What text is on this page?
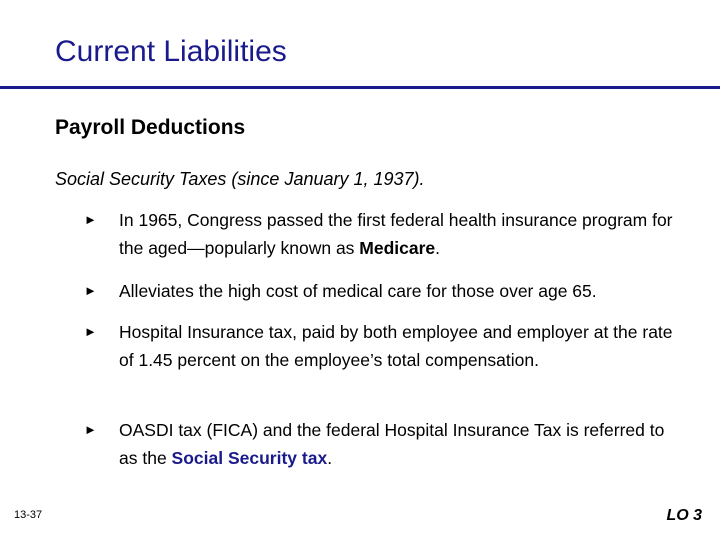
Current Liabilities
Payroll Deductions
Social Security Taxes (since January 1, 1937).
► In 1965, Congress passed the first federal health insurance program for the aged—popularly known as Medicare.
► Alleviates the high cost of medical care for those over age 65.
► Hospital Insurance tax, paid by both employee and employer at the rate of 1.45 percent on the employee’s total compensation.
► OASDI tax (FICA) and the federal Hospital Insurance Tax is referred to as the Social Security tax.
13-37	LO 3
